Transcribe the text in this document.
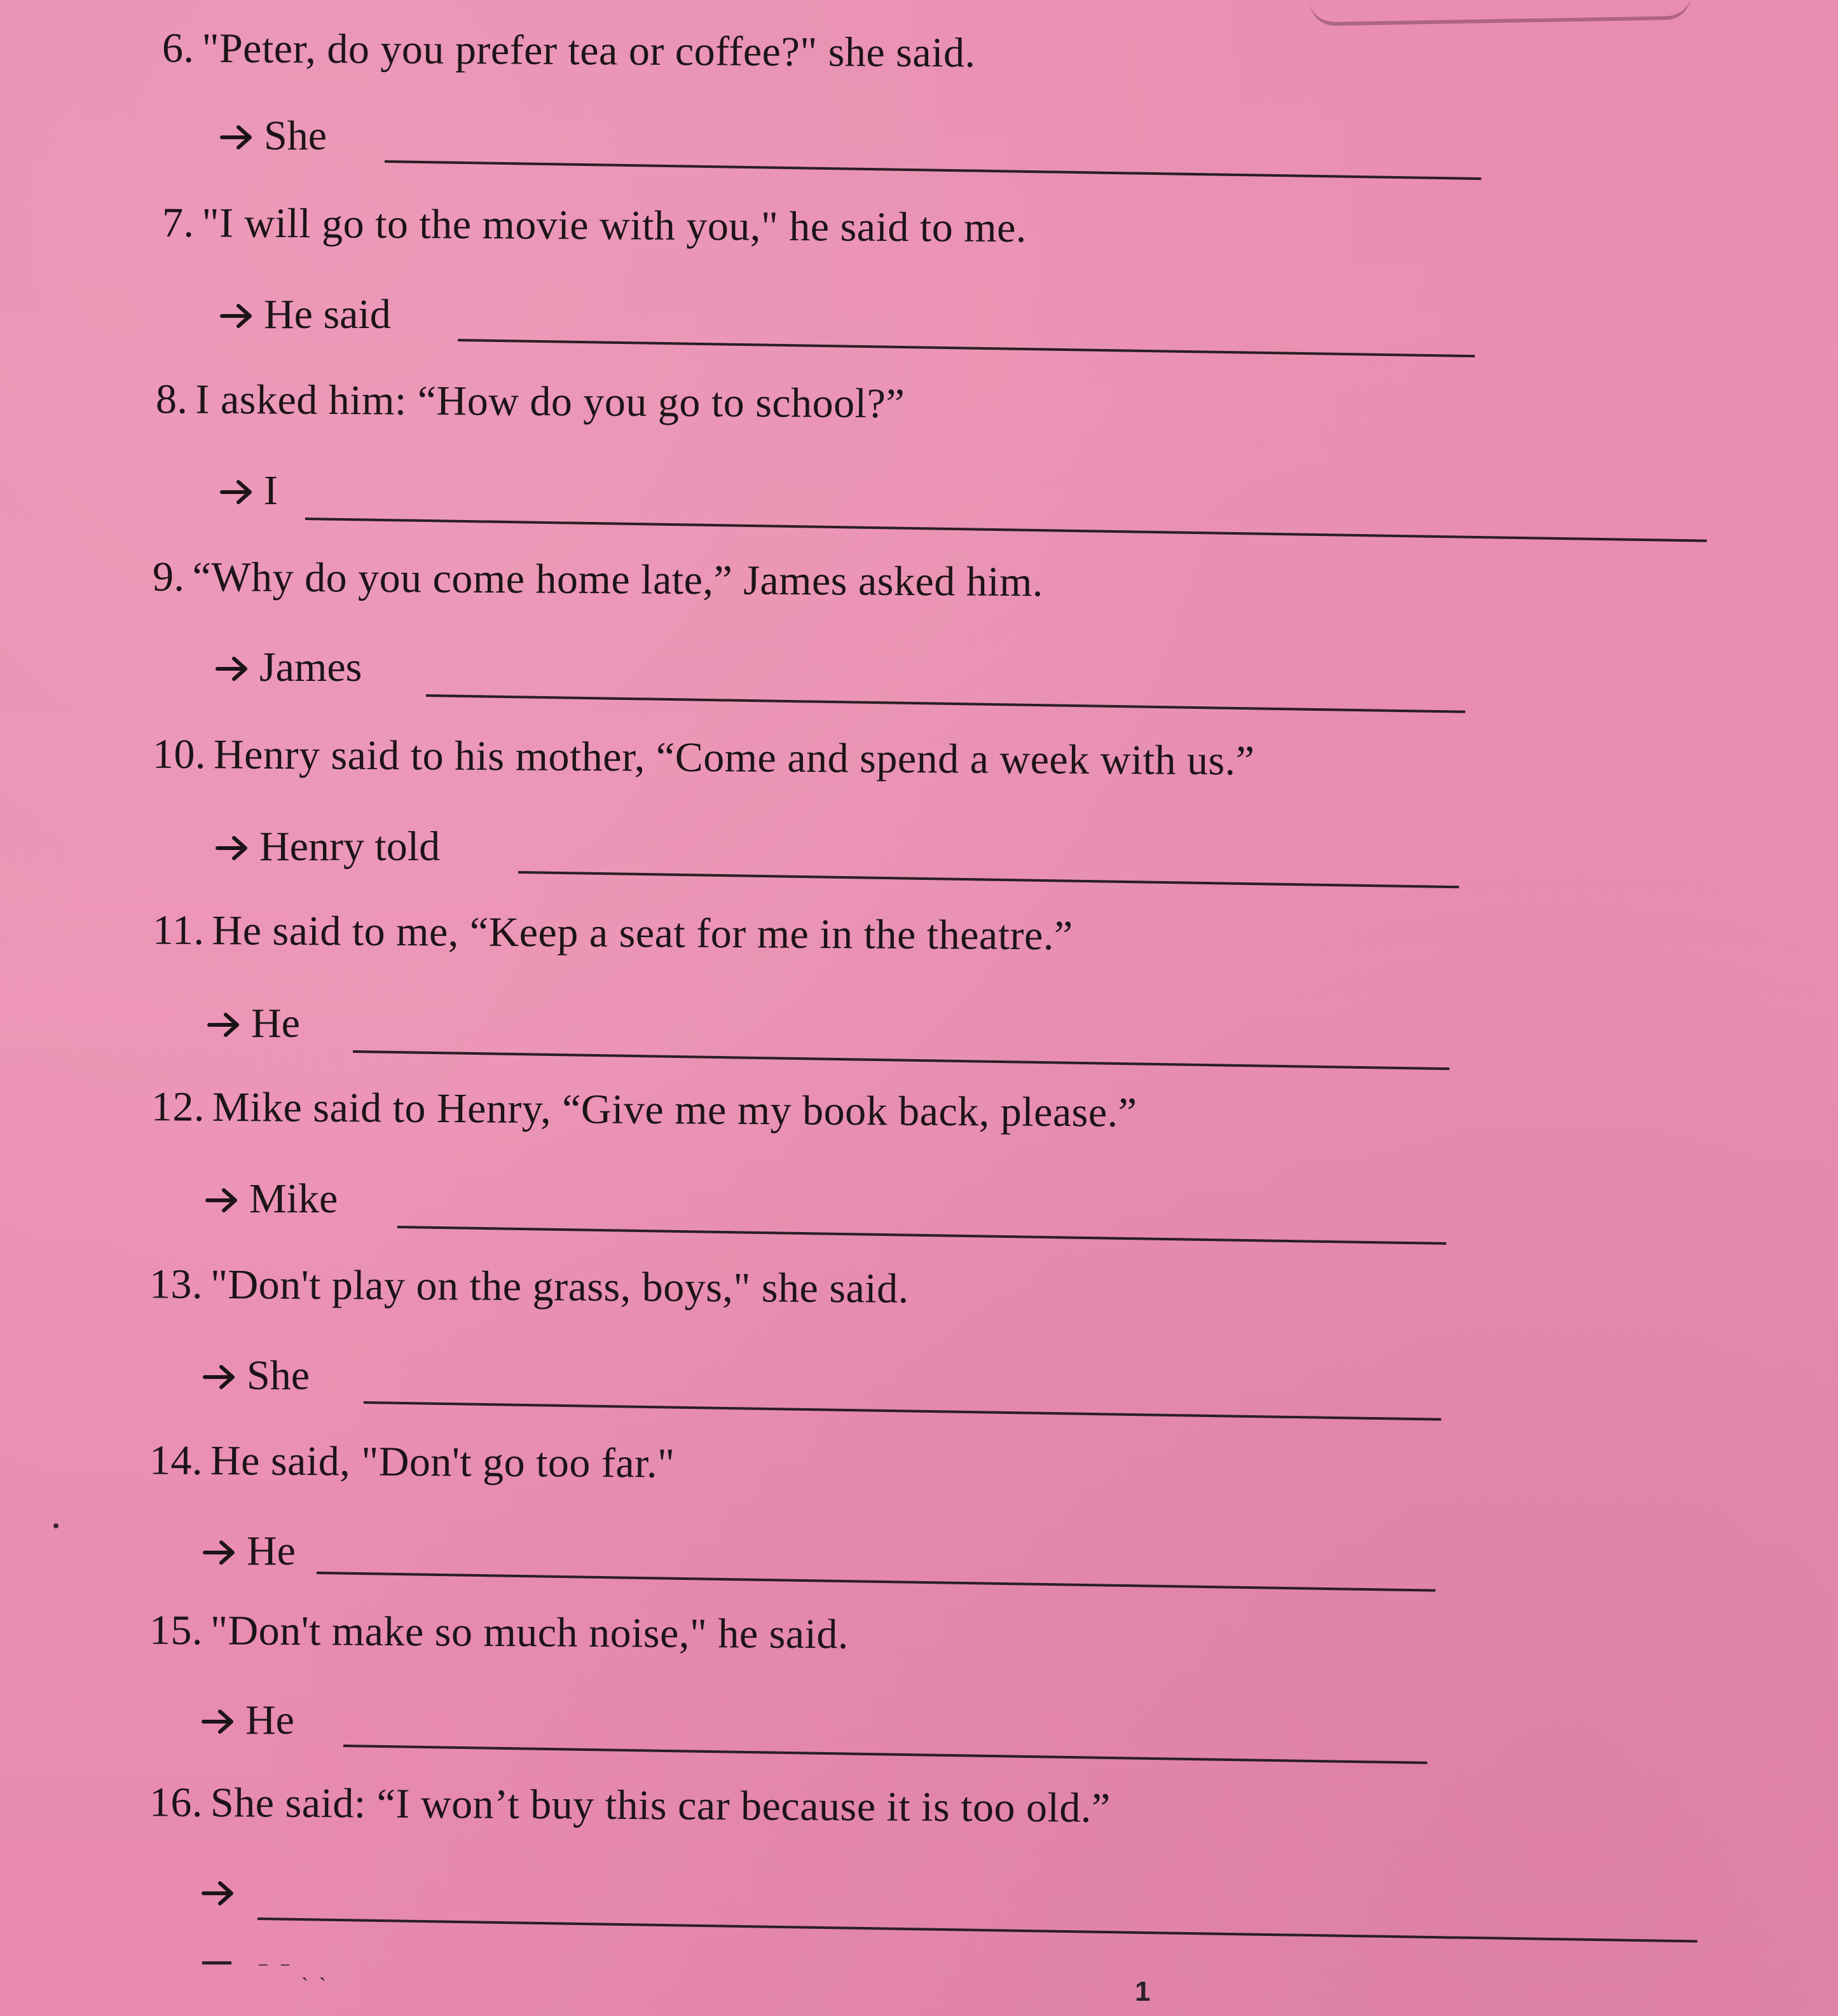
6. "Peter, do you prefer tea or coffee?" she said.
She
7. "I will go to the movie with you," he said to me.
He said
8. I asked him: “How do you go to school?”
I
9. “Why do you come home late,” James asked him.
James
10. Henry said to his mother, “Come and spend a week with us.”
Henry told
11. He said to me, “Keep a seat for me in the theatre.”
He
12. Mike said to Henry, “Give me my book back, please.”
Mike
13. "Don't play on the grass, boys," she said.
She
14. He said, "Don't go too far."
He
15. "Don't make so much noise," he said.
He
16. She said: “I won’t buy this car because it is too old.”
⁻ ⁻ ˏ ˎ
1
